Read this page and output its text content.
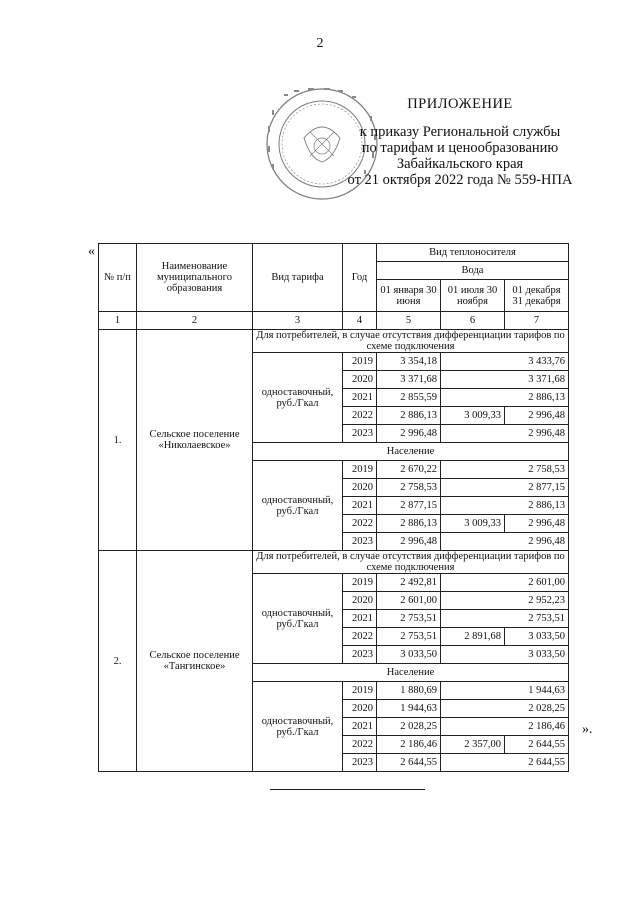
2
ПРИЛОЖЕНИЕ
к приказу Региональной службы
по тарифам и ценообразованию
Забайкальского края
от 21 октября 2022 года № 559-НПА
«
№ п/п	Наименование муниципального образования	Вид тарифа	Год	Вид теплоносителя		
				Вода		
				01 января 30 июня	01 июля 30 ноября	01 декабря 31 декабря
1	2	3	4	5	6	7
1.	Сельское поселение «Николаевское»	Для потребителей, в случае отсутствия дифференциации тарифов по схеме подключения				
		одноставочный, руб./Гкал	2019	3 354,18	3 433,76	
			2020	3 371,68	3 371,68	
			2021	2 855,59	2 886,13	
			2022	2 886,13	3 009,33	2 996,48
			2023	2 996,48	2 996,48	
		Население				
		одноставочный, руб./Гкал	2019	2 670,22	2 758,53	
			2020	2 758,53	2 877,15	
			2021	2 877,15	2 886,13	
			2022	2 886,13	3 009,33	2 996,48
			2023	2 996,48	2 996,48	
2.	Сельское поселение «Тангинское»	Для потребителей, в случае отсутствия дифференциации тарифов по схеме подключения				
		одноставочный, руб./Гкал	2019	2 492,81	2 601,00	
			2020	2 601,00	2 952,23	
			2021	2 753,51	2 753,51	
			2022	2 753,51	2 891,68	3 033,50
			2023	3 033,50	3 033,50	
		Население				
		одноставочный, руб./Гкал	2019	1 880,69	1 944,63	
			2020	1 944,63	2 028,25	
			2021	2 028,25	2 186,46	
			2022	2 186,46	2 357,00	2 644,55
			2023	2 644,55	2 644,55	
».
